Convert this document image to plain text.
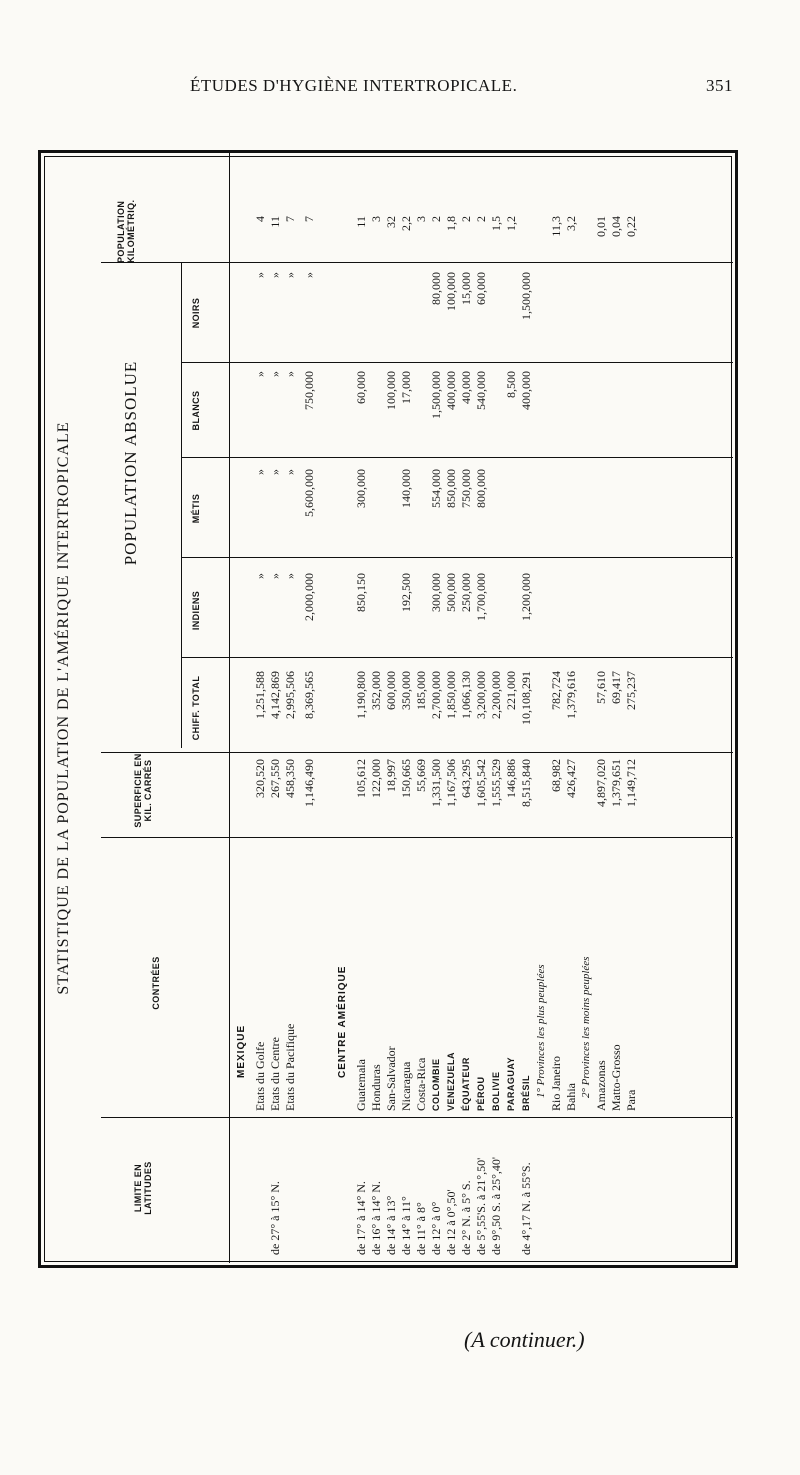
ÉTUDES D'HYGIÈNE INTERTROPICALE.	351
STATISTIQUE DE LA POPULATION DE L'AMÉRIQUE INTERTROPICALE
LIMITE EN LATITUDES
CONTRÉES
SUPERFICIE EN KIL. CARRÉS
POPULATION ABSOLUE
CHIFF. TOTAL
INDIENS
MÉTIS
BLANCS
NOIRS
POPULATION KILOMÉTRIQ.
MEXIQUE Etats du Golfe
320,520
1,251,588
»
»
»
»
4
de 27° à 15° N.
Etats du Centre
267,550
4,142,869
»
»
»
»
11
Etats du Pacifique
458,350
2,995,506
»
»
»
»
7
1,146,490
8,369,565
2,000,000
5,600,000
750,000
»
7
CENTRE AMÉRIQUE
de 17° à 14° N.
Guatemala
105,612
1,190,800
850,150
300,000
60,000
11
de 16° à 14° N.
Honduras
122,000
352,000
3
de 14° à 13°
San-Salvador
18,997
600,000
100,000
32
de 14° à 11°
Nicaragua
150,665
350,000
192,500
140,000
17,000
2,2
de 11° à 8°
Costa-Rica
55,669
185,000
3
de 12° à 0°
COLOMBIE
1,331,500
2,700,000
300,000
554,000
1,500,000
80,000
2
de 12 à 0°,50'
VENEZUELA
1,167,506
1,850,000
500,000
850,000
400,000
100,000
1,8
de 2° N. à 5° S.
ÉQUATEUR
643,295
1,066,130
250,000
750,000
40,000
15,000
2
de 5°,55'S. à 21°,50'
PÉROU
1,605,542
3,200,000
1,700,000
800,000
540,000
60,000
2
de 9°,50 S. à 25°,40'
BOLIVIE
1,555,529
2,200,000
1,5
PARAGUAY
146,886
221,000
8,500
1,2
de 4°,17 N. à 55°S.
BRÉSIL
8,515,840
10,108,291
1,200,000
400,000
1,500,000
1° Provinces les plus peuplées Rio Janeiro
68,982
782,724
11,3
Bahia
426,427
1,379,616
3,2
2° Provinces les moins peuplées Amazonas
4,897,020
57,610
0,01
Matto-Grosso
1,379,651
69,417
0,04
Para
1,149,712
275,237
0,22
(A continuer.)
